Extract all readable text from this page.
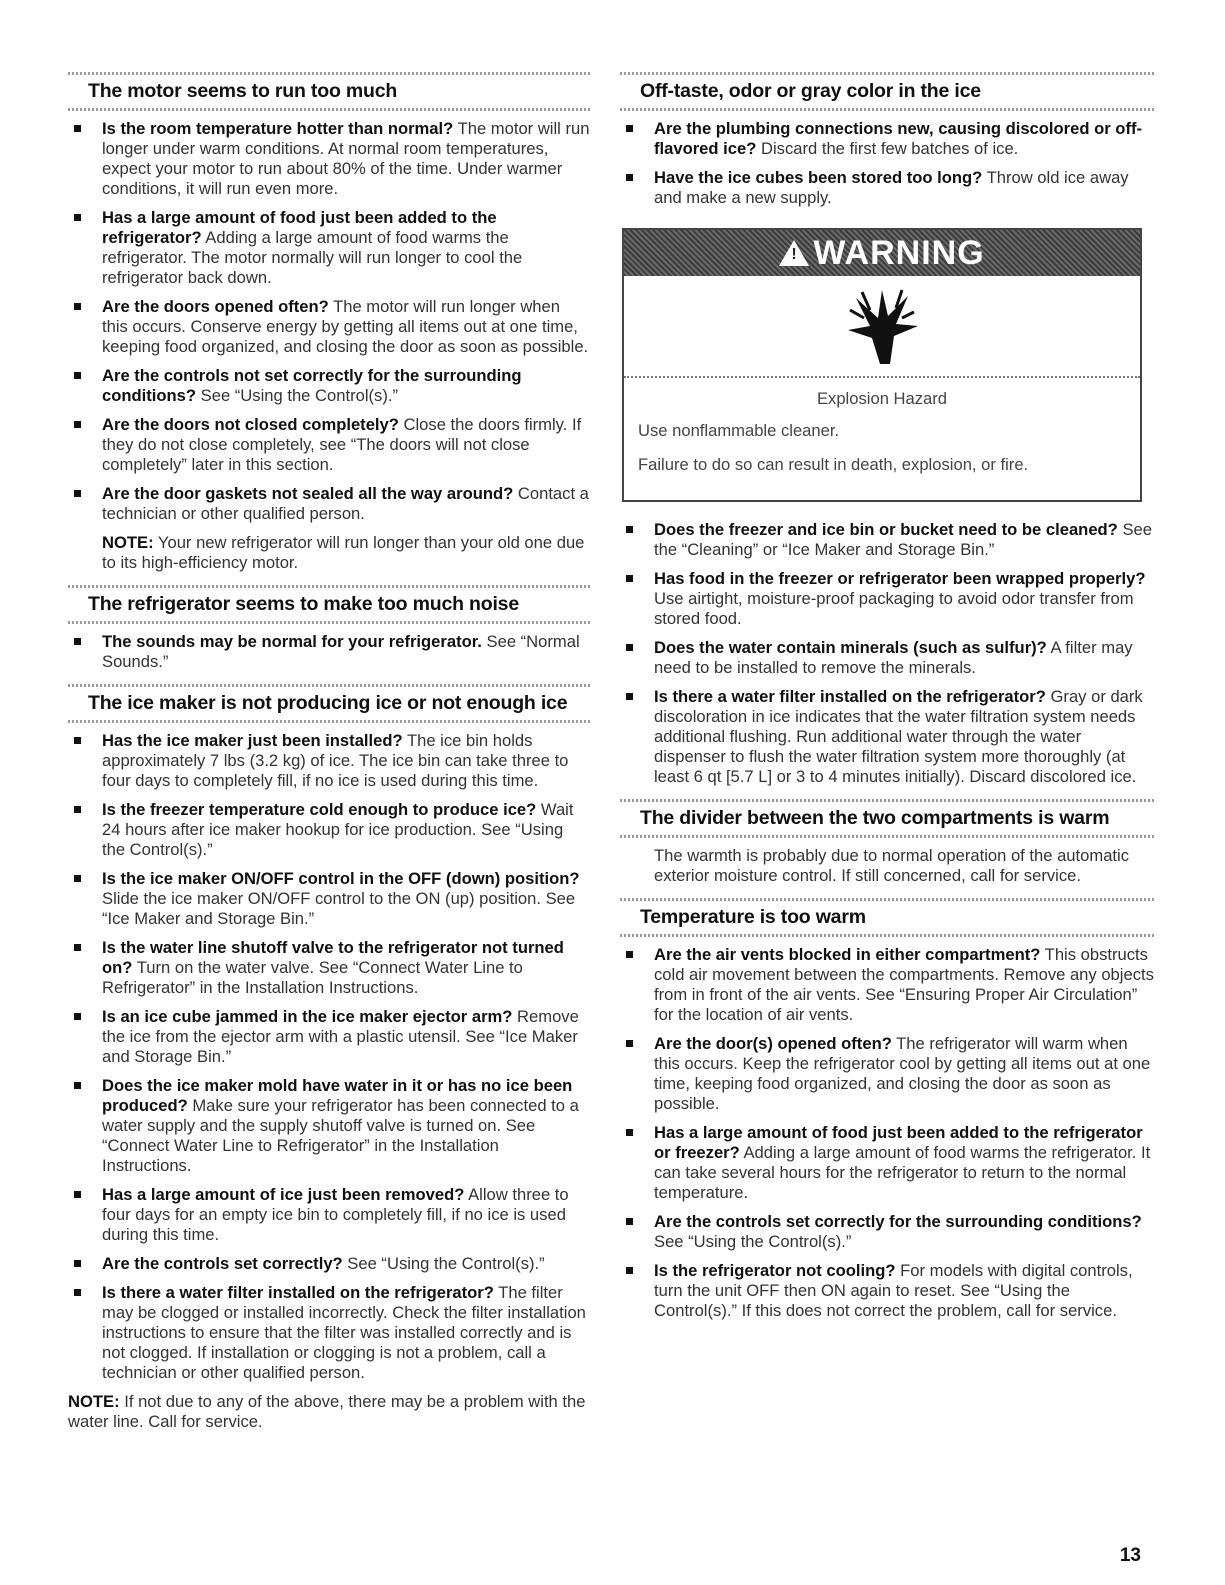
The motor seems to run too much
Is the room temperature hotter than normal? The motor will run longer under warm conditions. At normal room temperatures, expect your motor to run about 80% of the time. Under warmer conditions, it will run even more.
Has a large amount of food just been added to the refrigerator? Adding a large amount of food warms the refrigerator. The motor normally will run longer to cool the refrigerator back down.
Are the doors opened often? The motor will run longer when this occurs. Conserve energy by getting all items out at one time, keeping food organized, and closing the door as soon as possible.
Are the controls not set correctly for the surrounding conditions? See “Using the Control(s).”
Are the doors not closed completely? Close the doors firmly. If they do not close completely, see “The doors will not close completely” later in this section.
Are the door gaskets not sealed all the way around? Contact a technician or other qualified person.

NOTE: Your new refrigerator will run longer than your old one due to its high-efficiency motor.

The refrigerator seems to make too much noise
The sounds may be normal for your refrigerator. See “Normal Sounds.”
The ice maker is not producing ice or not enough ice
Has the ice maker just been installed? The ice bin holds approximately 7 lbs (3.2 kg) of ice. The ice bin can take three to four days to completely fill, if no ice is used during this time.
Is the freezer temperature cold enough to produce ice? Wait 24 hours after ice maker hookup for ice production. See “Using the Control(s).”
Is the ice maker ON/OFF control in the OFF (down) position? Slide the ice maker ON/OFF control to the ON (up) position. See “Ice Maker and Storage Bin.”
Is the water line shutoff valve to the refrigerator not turned on? Turn on the water valve. See “Connect Water Line to Refrigerator” in the Installation Instructions.
Is an ice cube jammed in the ice maker ejector arm? Remove the ice from the ejector arm with a plastic utensil. See “Ice Maker and Storage Bin.”
Does the ice maker mold have water in it or has no ice been produced? Make sure your refrigerator has been connected to a water supply and the supply shutoff valve is turned on. See “Connect Water Line to Refrigerator” in the Installation Instructions.
Has a large amount of ice just been removed? Allow three to four days for an empty ice bin to completely fill, if no ice is used during this time.
Are the controls set correctly? See “Using the Control(s).”
Is there a water filter installed on the refrigerator? The filter may be clogged or installed incorrectly. Check the filter installation instructions to ensure that the filter was installed correctly and is not clogged. If installation or clogging is not a problem, call a technician or other qualified person.

NOTE: If not due to any of the above, there may be a problem with the water line. Call for service.

Off-taste, odor or gray color in the ice
Are the plumbing connections new, causing discolored or off-flavored ice? Discard the first few batches of ice.
Have the ice cubes been stored too long? Throw old ice away and make a new supply.
! WARNING
Explosion Hazard

Use nonflammable cleaner.

Failure to do so can result in death, explosion, or fire.

Does the freezer and ice bin or bucket need to be cleaned? See the “Cleaning” or “Ice Maker and Storage Bin.”
Has food in the freezer or refrigerator been wrapped properly? Use airtight, moisture-proof packaging to avoid odor transfer from stored food.
Does the water contain minerals (such as sulfur)? A filter may need to be installed to remove the minerals.
Is there a water filter installed on the refrigerator? Gray or dark discoloration in ice indicates that the water filtration system needs additional flushing. Run additional water through the water dispenser to flush the water filtration system more thoroughly (at least 6 qt [5.7 L] or 3 to 4 minutes initially). Discard discolored ice.
The divider between the two compartments is warm

The warmth is probably due to normal operation of the automatic exterior moisture control. If still concerned, call for service.

Temperature is too warm
Are the air vents blocked in either compartment? This obstructs cold air movement between the compartments. Remove any objects from in front of the air vents. See “Ensuring Proper Air Circulation” for the location of air vents.
Are the door(s) opened often? The refrigerator will warm when this occurs. Keep the refrigerator cool by getting all items out at one time, keeping food organized, and closing the door as soon as possible.
Has a large amount of food just been added to the refrigerator or freezer? Adding a large amount of food warms the refrigerator. It can take several hours for the refrigerator to return to the normal temperature.
Are the controls set correctly for the surrounding conditions? See “Using the Control(s).”
Is the refrigerator not cooling? For models with digital controls, turn the unit OFF then ON again to reset. See “Using the Control(s).” If this does not correct the problem, call for service.
13
